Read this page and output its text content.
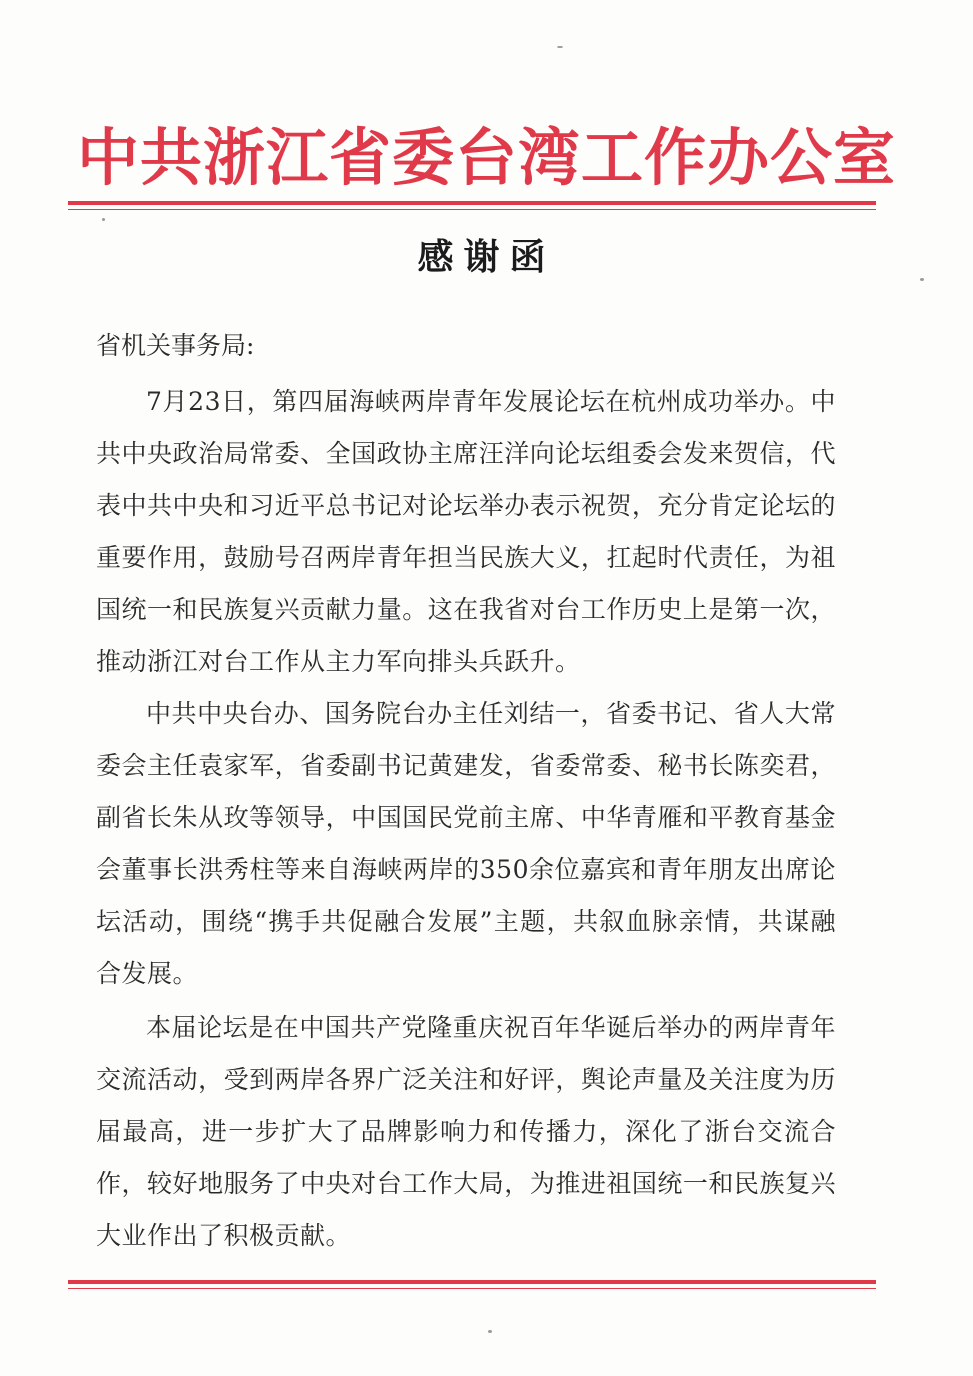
中共浙江省委台湾工作办公室
感谢函
省机关事务局:

7月23日，第四届海峡两岸青年发展论坛在杭州成功举办。中共中央政治局常委、全国政协主席汪洋向论坛组委会发来贺信，代表中共中央和习近平总书记对论坛举办表示祝贺，充分肯定论坛的重要作用，鼓励号召两岸青年担当民族大义，扛起时代责任，为祖国统一和民族复兴贡献力量。这在我省对台工作历史上是第一次，推动浙江对台工作从主力军向排头兵跃升。

中共中央台办、国务院台办主任刘结一，省委书记、省人大常委会主任袁家军，省委副书记黄建发，省委常委、秘书长陈奕君，副省长朱从玫等领导，中国国民党前主席、中华青雁和平教育基金会董事长洪秀柱等来自海峡两岸的350余位嘉宾和青年朋友出席论坛活动，围绕“携手共促融合发展”主题，共叙血脉亲情，共谋融合发展。

本届论坛是在中国共产党隆重庆祝百年华诞后举办的两岸青年交流活动，受到两岸各界广泛关注和好评，舆论声量及关注度为历届最高，进一步扩大了品牌影响力和传播力，深化了浙台交流合作，较好地服务了中央对台工作大局，为推进祖国统一和民族复兴大业作出了积极贡献。
